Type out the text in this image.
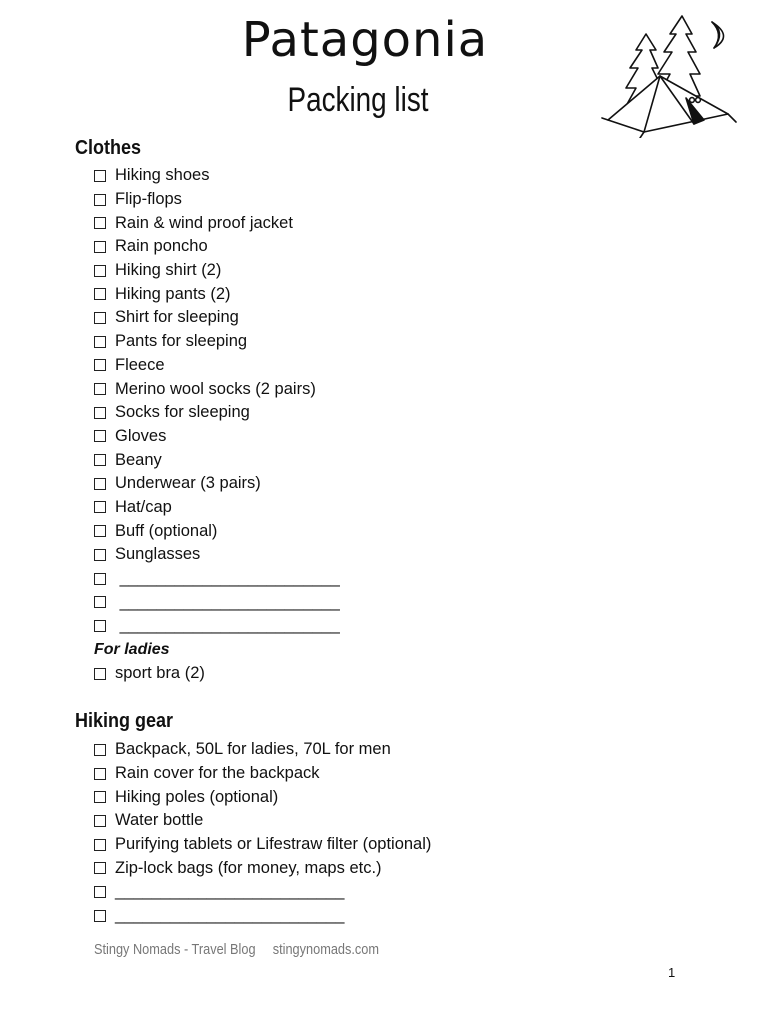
Patagonia
Packing list
Clothes
Hiking shoes
Flip-flops
Rain & wind proof jacket
Rain poncho
Hiking shirt (2)
Hiking pants (2)
Shirt for sleeping
Pants for sleeping
Fleece
Merino wool socks (2 pairs)
Socks for sleeping
Gloves
Beany
Underwear (3 pairs)
Hat/cap
Buff (optional)
Sunglasses
________________________
________________________
________________________
For ladies
sport bra (2)
Hiking gear
Backpack, 50L for ladies, 70L for men
Rain cover for the backpack
Hiking poles (optional)
Water bottle
Purifying tablets or Lifestraw filter (optional)
Zip-lock bags (for money, maps etc.)
_________________________
_________________________
Stingy Nomads - Travel Blog stingynomads.com
1
